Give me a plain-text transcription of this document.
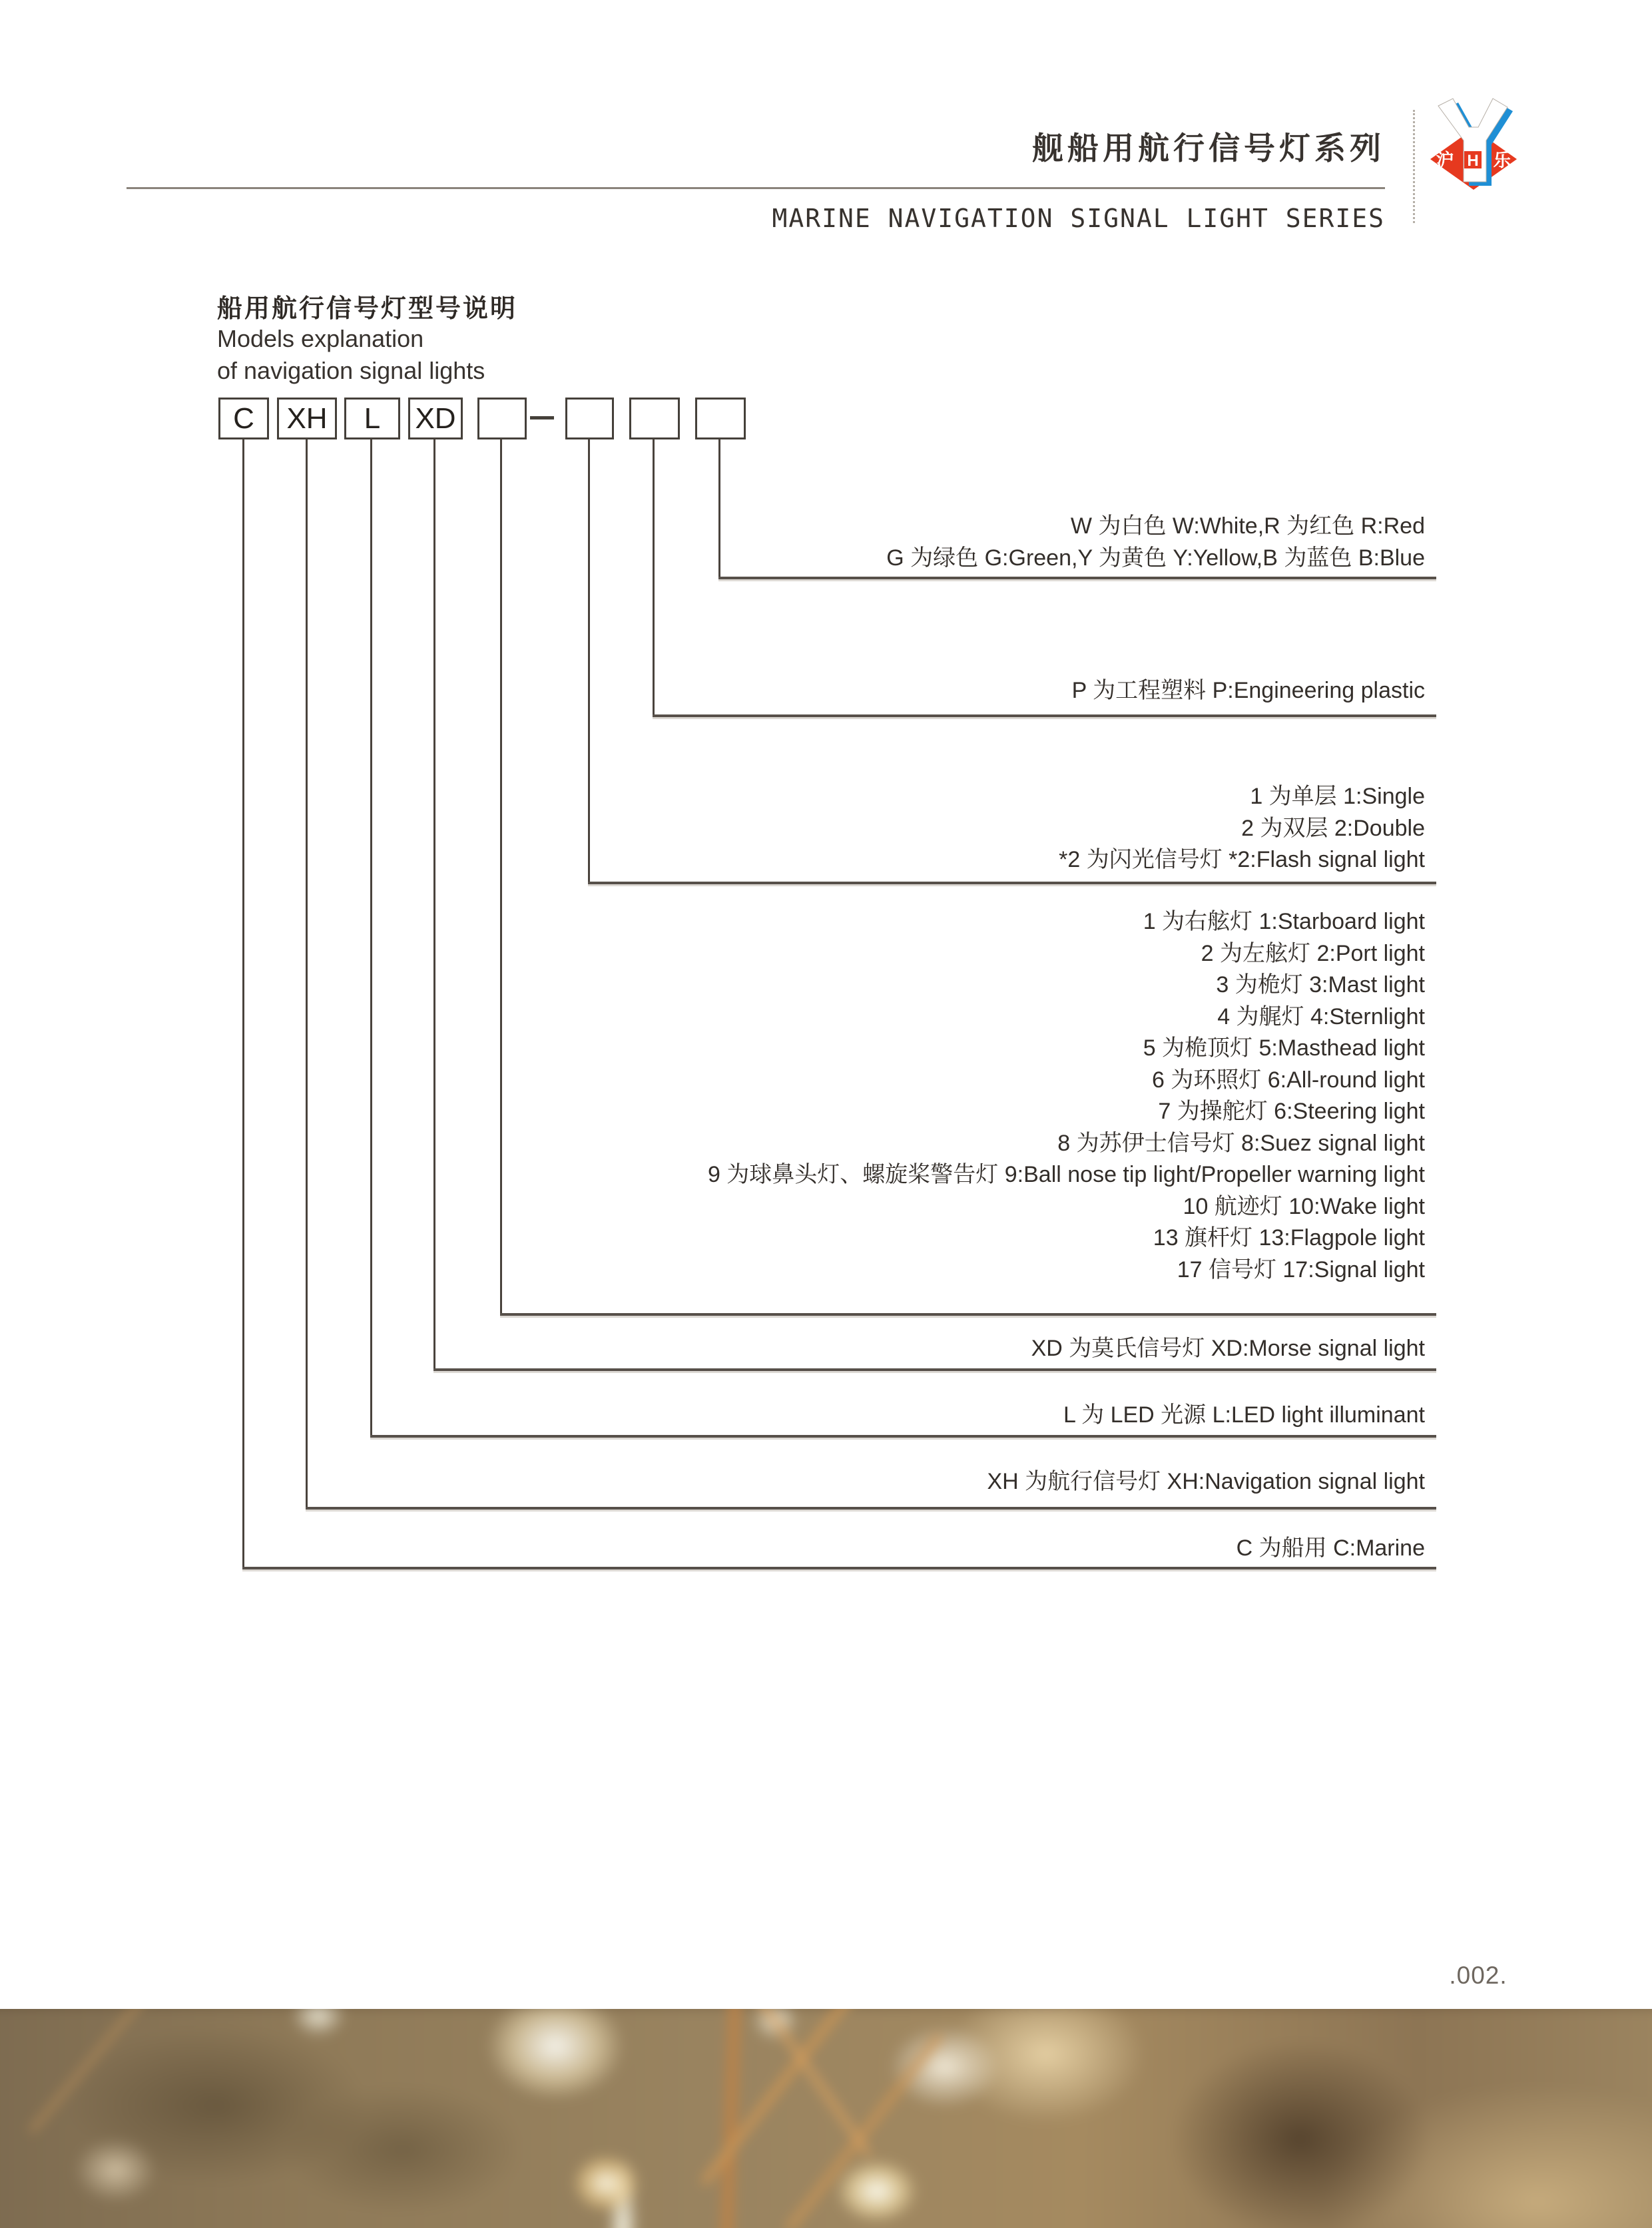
舰船用航行信号灯系列
MARINE NAVIGATION SIGNAL LIGHT SERIES
沪 H 乐
船用航行信号灯型号说明
Models explanation
of navigation signal lights
C XH L XD
W 为白色 W:White,R 为红色 R:Red
G 为绿色 G:Green,Y 为黄色 Y:Yellow,B 为蓝色 B:Blue
P 为工程塑料 P:Engineering plastic
1 为单层 1:Single
2 为双层 2:Double
*2 为闪光信号灯 *2:Flash signal light
1 为右舷灯 1:Starboard light
2 为左舷灯 2:Port light
3 为桅灯 3:Mast light
4 为艉灯 4:Sternlight
5 为桅顶灯 5:Masthead light
6 为环照灯 6:All-round light
7 为操舵灯 6:Steering light
8 为苏伊士信号灯 8:Suez signal light
9 为球鼻头灯、螺旋桨警告灯 9:Ball nose tip light/Propeller warning light
10 航迹灯 10:Wake light
13 旗杆灯 13:Flagpole light
17 信号灯 17:Signal light
XD 为莫氏信号灯 XD:Morse signal light
L 为 LED 光源 L:LED light illuminant
XH 为航行信号灯 XH:Navigation signal light
C 为船用 C:Marine
.002.
